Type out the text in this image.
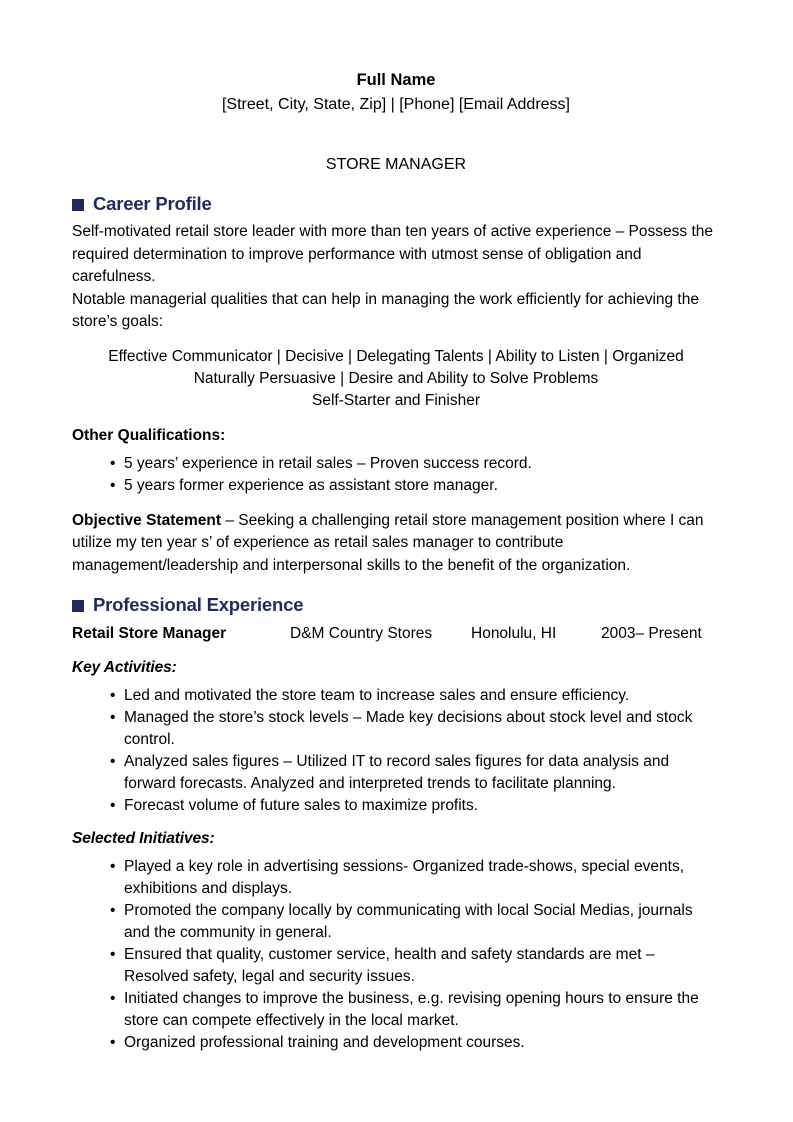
Full Name
[Street, City, State, Zip] | [Phone] [Email Address]
STORE MANAGER
Career Profile

Self-motivated retail store leader with more than ten years of active experience – Possess the required determination to improve performance with utmost sense of obligation and carefulness.

Notable managerial qualities that can help in managing the work efficiently for achieving the store’s goals:

Effective Communicator | Decisive | Delegating Talents | Ability to Listen | Organized
Naturally Persuasive | Desire and Ability to Solve Problems
Self-Starter and Finisher
Other Qualifications:
• 5 years’ experience in retail sales – Proven success record.
• 5 years former experience as assistant store manager.

Objective Statement – Seeking a challenging retail store management position where I can utilize my ten year s’ of experience as retail sales manager to contribute management/leadership and interpersonal skills to the benefit of the organization.

Professional Experience
Retail Store Manager	D&M Country Stores	Honolulu, HI	2003– Present
Key Activities:
• Led and motivated the store team to increase sales and ensure efficiency.
• Managed the store’s stock levels – Made key decisions about stock level and stock control.
• Analyzed sales figures – Utilized IT to record sales figures for data analysis and forward forecasts. Analyzed and interpreted trends to facilitate planning.
• Forecast volume of future sales to maximize profits.
Selected Initiatives:
• Played a key role in advertising sessions- Organized trade-shows, special events, exhibitions and displays.
• Promoted the company locally by communicating with local Social Medias, journals and the community in general.
• Ensured that quality, customer service, health and safety standards are met – Resolved safety, legal and security issues.
• Initiated changes to improve the business, e.g. revising opening hours to ensure the store can compete effectively in the local market.
• Organized professional training and development courses.
